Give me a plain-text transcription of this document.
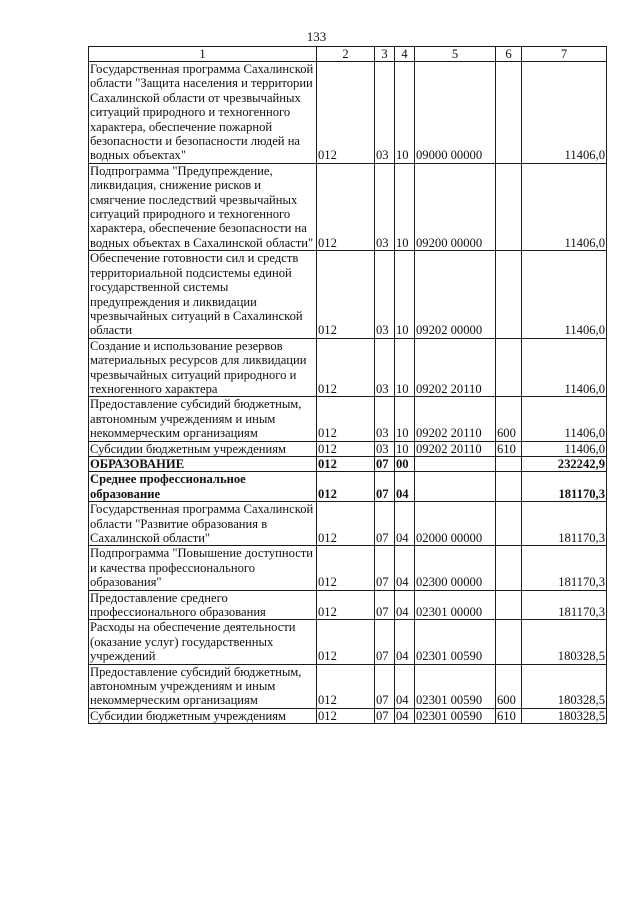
133
1	2	3	4	5	6	7
Государственная программа Сахалинской области "Защита населения и территории Сахалинской области от чрезвычайных ситуаций природного и техногенного характера, обеспечение пожарной безопасности и безопасности людей на водных объектах"	012	03	10	09000 00000		11406,0
Подпрограмма "Предупреждение, ликвидация, снижение рисков и смягчение последствий чрезвычайных ситуаций природного и техногенного характера, обеспечение безопасности на водных объектах в Сахалинской области"	012	03	10	09200 00000		11406,0
Обеспечение готовности сил и средств территориальной подсистемы единой государственной системы предупреждения и ликвидации чрезвычайных ситуаций в Сахалинской области	012	03	10	09202 00000		11406,0
Создание и использование резервов материальных ресурсов для ликвидации чрезвычайных ситуаций природного и техногенного характера	012	03	10	09202 20110		11406,0
Предоставление субсидий бюджетным, автономным учреждениям и иным некоммерческим организациям	012	03	10	09202 20110	600	11406,0
Субсидии бюджетным учреждениям	012	03	10	09202 20110	610	11406,0
ОБРАЗОВАНИЕ	012	07	00			232242,9
Среднее профессиональное образование	012	07	04			181170,3
Государственная программа Сахалинской области "Развитие образования в Сахалинской области"	012	07	04	02000 00000		181170,3
Подпрограмма "Повышение доступности и качества профессионального образования"	012	07	04	02300 00000		181170,3
Предоставление среднего профессионального образования	012	07	04	02301 00000		181170,3
Расходы на обеспечение деятельности (оказание услуг) государственных учреждений	012	07	04	02301 00590		180328,5
Предоставление субсидий бюджетным, автономным учреждениям и иным некоммерческим организациям	012	07	04	02301 00590	600	180328,5
Субсидии бюджетным учреждениям	012	07	04	02301 00590	610	180328,5
